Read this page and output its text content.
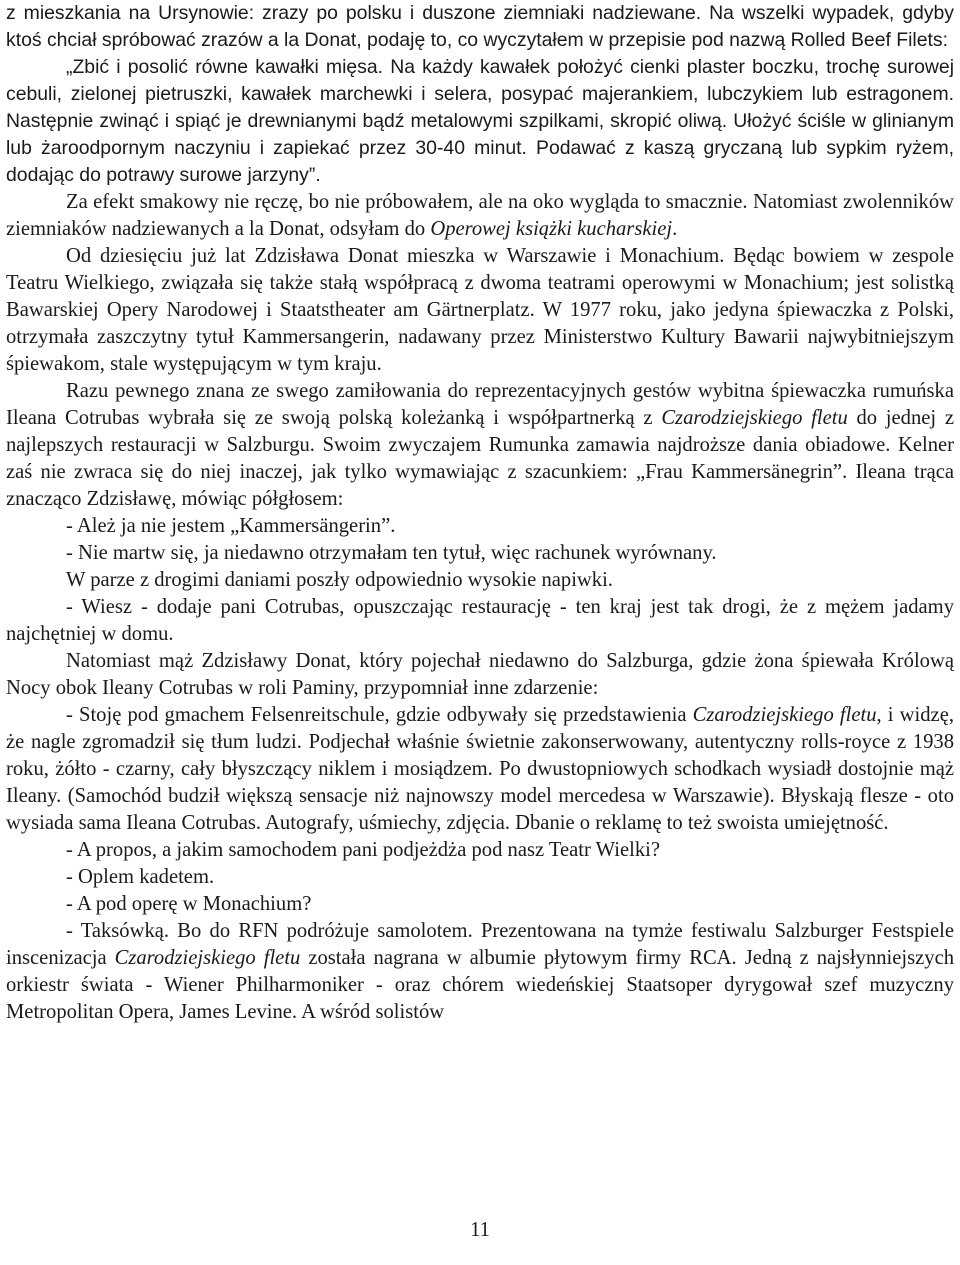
z mieszkania na Ursynowie: zrazy po polsku i duszone ziemniaki nadziewane. Na wszelki wypadek, gdyby ktoś chciał spróbować zrazów a la Donat, podaję to, co wyczytałem w przepisie pod nazwą Rolled Beef Filets:

„Zbić i posolić równe kawałki mięsa. Na każdy kawałek położyć cienki plaster boczku, trochę surowej cebuli, zielonej pietruszki, kawałek marchewki i selera, posypać majerankiem, lubczykiem lub estragonem. Następnie zwinąć i spiąć je drewnianymi bądź metalowymi szpilkami, skropić oliwą. Ułożyć ściśle w glinianym lub żaroodpornym naczyniu i zapiekać przez 30-40 minut. Podawać z kaszą gryczaną lub sypkim ryżem, dodając do potrawy surowe jarzyny”.

Za efekt smakowy nie ręczę, bo nie próbowałem, ale na oko wygląda to smacznie. Natomiast zwolenników ziemniaków nadziewanych a la Donat, odsyłam do Operowej książki kucharskiej.

Od dziesięciu już lat Zdzisława Donat mieszka w Warszawie i Monachium. Będąc bowiem w zespole Teatru Wielkiego, związała się także stałą współpracą z dwoma teatrami operowymi w Monachium; jest solistką Bawarskiej Opery Narodowej i Staatstheater am Gärtnerplatz. W 1977 roku, jako jedyna śpiewaczka z Polski, otrzymała zaszczytny tytuł Kammersangerin, nadawany przez Ministerstwo Kultury Bawarii najwybitniejszym śpiewakom, stale występującym w tym kraju.

Razu pewnego znana ze swego zamiłowania do reprezentacyjnych gestów wybitna śpiewaczka rumuńska Ileana Cotrubas wybrała się ze swoją polską koleżanką i współpartnerką z Czarodziejskiego fletu do jednej z najlepszych restauracji w Salzburgu. Swoim zwyczajem Rumunka zamawia najdroższe dania obiadowe. Kelner zaś nie zwraca się do niej inaczej, jak tylko wymawiając z szacunkiem: „Frau Kammersänegrin”. Ileana trąca znacząco Zdzisławę, mówiąc półgłosem:

- Alеż ja nie jestem „Kammersängerin”.

- Nie martw się, ja niedawno otrzymałam ten tytuł, więc rachunek wyrównany.

W parze z drogimi daniami poszły odpowiednio wysokie napiwki.

- Wiesz - dodaje pani Cotrubas, opuszczając restaurację - ten kraj jest tak drogi, że z mężem jadamy najchętniej w domu.

Natomiast mąż Zdzisławy Donat, który pojechał niedawno do Salzburga, gdzie żona śpiewała Królową Nocy obok Ileany Cotrubas w roli Paminy, przypomniał inne zdarzenie:

- Stoję pod gmachem Felsenreitschule, gdzie odbywały się przedstawienia Czarodziejskiego fletu, i widzę, że nagle zgromadził się tłum ludzi. Podjechał właśnie świetnie zakonserwowany, autentyczny rolls-royce z 1938 roku, żółto - czarny, cały błyszczący niklem i mosiądzem. Po dwustopniowych schodkach wysiadł dostojnie mąż Ileany. (Samochód budził większą sensacje niż najnowszy model mercedesa w Warszawie). Błyskają flesze - oto wysiada sama Ileana Cotrubas. Autografy, uśmiechy, zdjęcia. Dbanie o reklamę to też swoista umiejętność.

- A propos, a jakim samochodem pani podjeżdża pod nasz Teatr Wielki?

- Oplem kadetem.

- A pod operę w Monachium?

- Taksówką. Bo do RFN podróżuje samolotem. Prezentowana na tymże festiwalu Salzburger Festspiele inscenizacja Czarodziejskiego fletu została nagrana w albumie płytowym firmy RCA. Jedną z najsłynniejszych orkiestr świata - Wiener Philharmoniker - oraz chórem wiedeńskiej Staatsoper dyrygował szef muzyczny Metropolitan Opera, James Levine. A wśród solistów

11
